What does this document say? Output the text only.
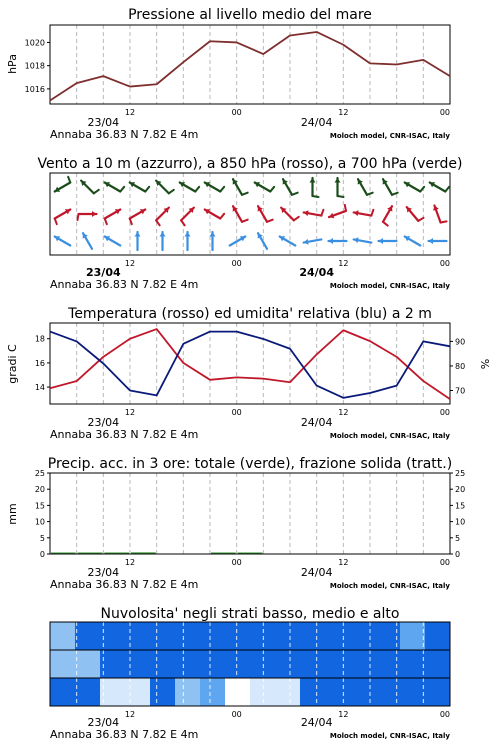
Pressione al livello medio del mare
1016
1018
1020
hPa
12	00	12	00
23/04	24/04
Annaba 36.83 N 7.82 E 4m	Moloch model, CNR-ISAC, Italy
Vento a 10 m (azzurro), a 850 hPa (rosso), a 700 hPa (verde)
12	00	12	00
23/04	24/04
Annaba 36.83 N 7.82 E 4m	Moloch model, CNR-ISAC, Italy
Temperatura (rosso) ed umidita' relativa (blu) a 2 m
14
16
18
70
80
90
gradi C	%
12	00	12	00
23/04	24/04
Annaba 36.83 N 7.82 E 4m	Moloch model, CNR-ISAC, Italy
Precip. acc. in 3 ore: totale (verde), frazione solida (tratt.)
0
5
10
15
20
25
0
5
10
15
20
25
mm
12	00	12	00
23/04	24/04
Annaba 36.83 N 7.82 E 4m	Moloch model, CNR-ISAC, Italy
Nuvolosita' negli strati basso, medio e alto
12	00	12	00
23/04	24/04
Annaba 36.83 N 7.82 E 4m	Moloch model, CNR-ISAC, Italy
